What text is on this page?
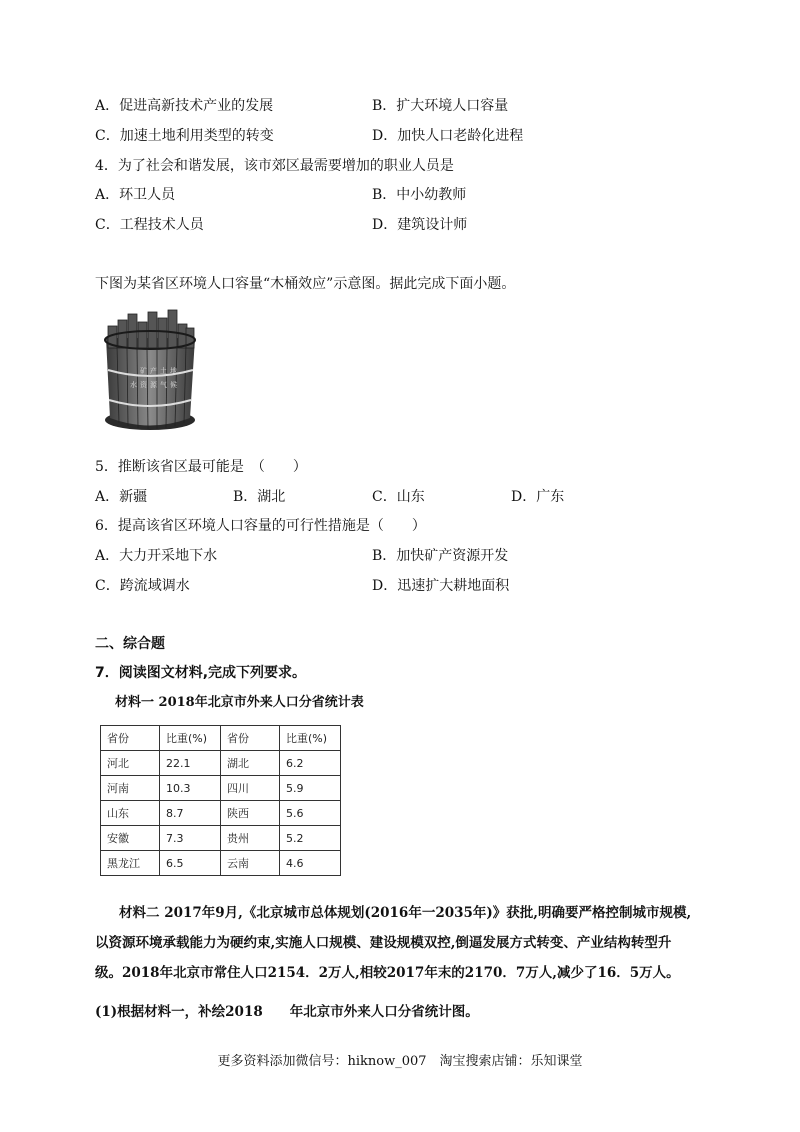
A．促进高新技术产业的发展	B．扩大环境人口容量
C．加速土地利用类型的转变	D．加快人口老龄化进程
4．为了社会和谐发展，该市郊区最需要增加的职业人员是
A．环卫人员	B．中小幼教师
C．工程技术人员	D．建筑设计师
下图为某省区环境人口容量“木桶效应”示意图。据此完成下面小题。
矿 产 土 地
水 资 源 气 候
5．推断该省区最可能是　（　　）
A．新疆	B．湖北	C．山东	D．广东
6．提高该省区环境人口容量的可行性措施是（　　）
A．大力开采地下水	B．加快矿产资源开发
C．跨流域调水	D．迅速扩大耕地面积
二、综合题
7．阅读图文材料,完成下列要求。
材料一 2018年北京市外来人口分省统计表
省份	比重(%)	省份	比重(%)
河北	22.1	湖北	6.2
河南	10.3	四川	5.9
山东	8.7	陕西	5.6
安徽	7.3	贵州	5.2
黑龙江	6.5	云南	4.6
材料二 2017年9月,《北京城市总体规划(2016年一2035年)》获批,明确要严格控制城市规模,
以资源环境承载能力为硬约束,实施人口规模、建设规模双控,倒逼发展方式转变、产业结构转型升
级。2018年北京市常住人口2154．2万人,相较2017年末的2170．7万人,减少了16．5万人。
(1)根据材料一，补绘2018　　年北京市外来人口分省统计图。
更多资料添加微信号：hiknow_007　淘宝搜索店铺：乐知课堂
